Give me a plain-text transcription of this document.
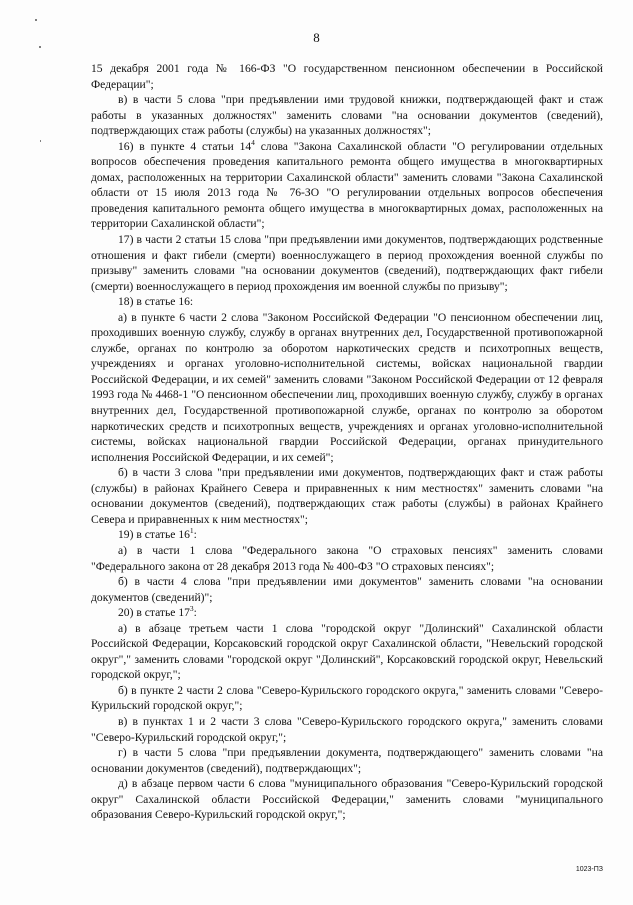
8

15 декабря 2001 года № 166-ФЗ "О государственном пенсионном обеспечении в Российской Федерации";

в) в части 5 слова "при предъявлении ими трудовой книжки, подтверждающей факт и стаж работы в указанных должностях" заменить словами "на основании документов (сведений), подтверждающих стаж работы (службы) на указанных должностях";

16) в пункте 4 статьи $14^4$ слова "Закона Сахалинской области "О регулировании отдельных вопросов обеспечения проведения капитального ремонта общего имущества в многоквартирных домах, расположенных на территории Сахалинской области" заменить словами "Закона Сахалинской области от 15 июля 2013 года № 76-ЗО "О регулировании отдельных вопросов обеспечения проведения капитального ремонта общего имущества в многоквартирных домах, расположенных на территории Сахалинской области";

17) в части 2 статьи 15 слова "при предъявлении ими документов, подтверждающих родственные отношения и факт гибели (смерти) военнослужащего в период прохождения военной службы по призыву" заменить словами "на основании документов (сведений), подтверждающих факт гибели (смерти) военнослужащего в период прохождения им военной службы по призыву";

18) в статье 16:

а) в пункте 6 части 2 слова "Законом Российской Федерации "О пенсионном обеспечении лиц, проходивших военную службу, службу в органах внутренних дел, Государственной противопожарной службе, органах по контролю за оборотом наркотических средств и психотропных веществ, учреждениях и органах уголовно-исполнительной системы, войсках национальной гвардии Российской Федерации, и их семей" заменить словами "Законом Российской Федерации от 12 февраля 1993 года № 4468-1 "О пенсионном обеспечении лиц, проходивших военную службу, службу в органах внутренних дел, Государственной противопожарной службе, органах по контролю за оборотом наркотических средств и психотропных веществ, учреждениях и органах уголовно-исполнительной системы, войсках национальной гвардии Российской Федерации, органах принудительного исполнения Российской Федерации, и их семей";

б) в части 3 слова "при предъявлении ими документов, подтверждающих факт и стаж работы (службы) в районах Крайнего Севера и приравненных к ним местностях" заменить словами "на основании документов (сведений), подтверждающих стаж работы (службы) в районах Крайнего Севера и приравненных к ним местностях";

19) в статье $16^1$:

а) в части 1 слова "Федерального закона "О страховых пенсиях" заменить словами "Федерального закона от 28 декабря 2013 года № 400-ФЗ "О страховых пенсиях";

б) в части 4 слова "при предъявлении ими документов" заменить словами "на основании документов (сведений)";

20) в статье $17^3$:

а) в абзаце третьем части 1 слова "городской округ "Долинский" Сахалинской области Российской Федерации, Корсаковский городской округ Сахалинской области, "Невельский городской округ"," заменить словами "городской округ "Долинский", Корсаковский городской округ, Невельский городской округ,";

б) в пункте 2 части 2 слова "Северо-Курильского городского округа," заменить словами "Северо-Курильский городской округ,";

в) в пунктах 1 и 2 части 3 слова "Северо-Курильского городского округа," заменить словами "Северо-Курильский городской округ,";

г) в части 5 слова "при предъявлении документа, подтверждающего" заменить словами "на основании документов (сведений), подтверждающих";

д) в абзаце первом части 6 слова "муниципального образования "Северо-Курильский городской округ" Сахалинской области Российской Федерации," заменить словами "муниципального образования Северо-Курильский городской округ,";

1023-ПЗ
